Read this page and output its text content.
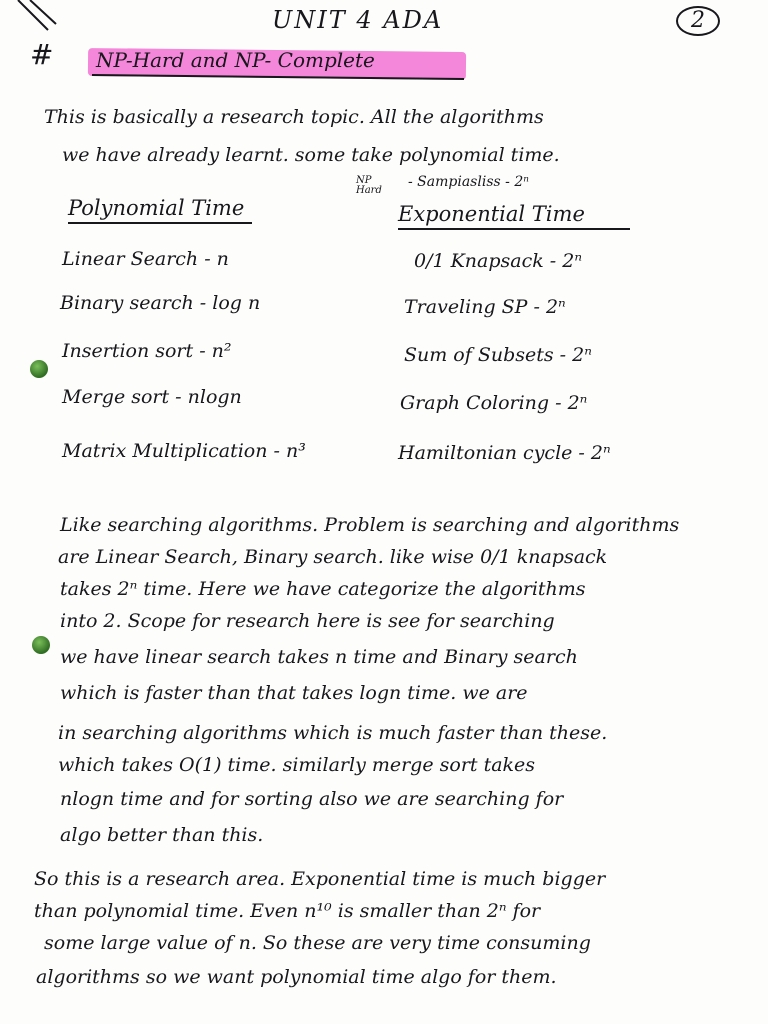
#
UNIT 4 ADA	2
NP-Hard and NP- Complete
This is basically a research topic. All the algorithms
we have already learnt. some take polynomial time.
NP Hard
- Sampiasliss - 2ⁿ
Polynomial Time	Exponential Time
Linear Search - n
Binary search - log n
Insertion sort - n²
Merge sort - nlogn
Matrix Multiplication - n³
0/1 Knapsack - 2ⁿ
Traveling SP - 2ⁿ
Sum of Subsets - 2ⁿ
Graph Coloring - 2ⁿ
Hamiltonian cycle - 2ⁿ
Like searching algorithms. Problem is searching and algorithms
are Linear Search, Binary search. like wise 0/1 knapsack
takes 2ⁿ time. Here we have categorize the algorithms
into 2. Scope for research here is see for searching
we have linear search takes n time and Binary search
which is faster than that takes logn time. we are
in searching algorithms which is much faster than these.
which takes O(1) time. similarly merge sort takes
nlogn time and for sorting also we are searching for
algo better than this.
So this is a research area. Exponential time is much bigger
than polynomial time. Even n¹⁰ is smaller than 2ⁿ for
some large value of n. So these are very time consuming
algorithms so we want polynomial time algo for them.
